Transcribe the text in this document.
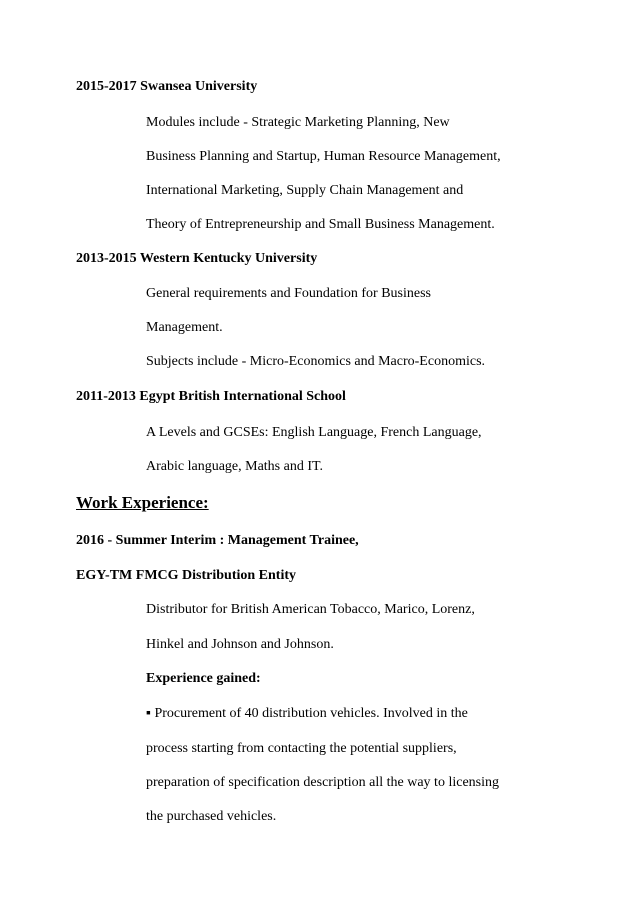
2015-2017 Swansea University
Modules include - Strategic Marketing Planning, New
Business Planning and Startup, Human Resource Management,
International Marketing, Supply Chain Management and
Theory of Entrepreneurship and Small Business Management.
2013-2015 Western Kentucky University
General requirements and Foundation for Business
Management.
Subjects include - Micro-Economics and Macro-Economics.
2011-2013 Egypt British International School
A Levels and GCSEs: English Language, French Language,
Arabic language, Maths and IT.
Work Experience:
2016 - Summer Interim : Management Trainee,
EGY-TM FMCG Distribution Entity
Distributor for British American Tobacco, Marico, Lorenz,
Hinkel and Johnson and Johnson.
Experience gained:
▪ Procurement of 40 distribution vehicles. Involved in the
process starting from contacting the potential suppliers,
preparation of specification description all the way to licensing
the purchased vehicles.
